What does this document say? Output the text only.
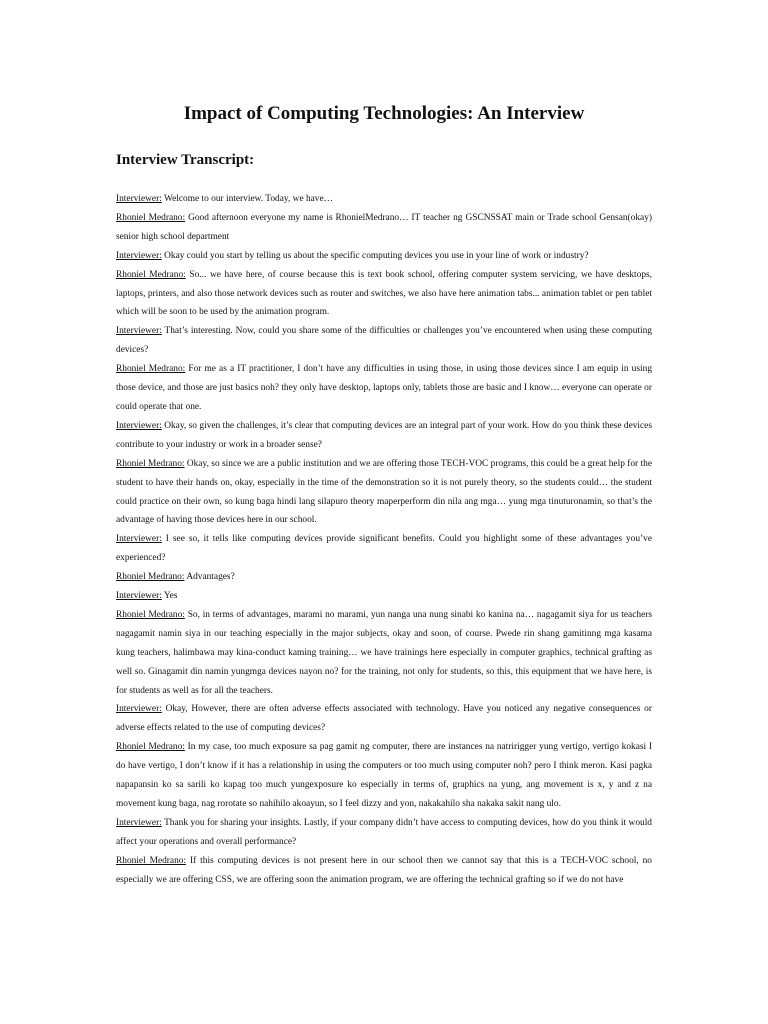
Impact of Computing Technologies: An Interview
Interview Transcript:

Interviewer: Welcome to our interview. Today, we have…

Rhoniel Medrano: Good afternoon everyone my name is RhonielMedrano… IT teacher ng GSCNSSAT main or Trade school Gensan(okay) senior high school department

Interviewer: Okay could you start by telling us about the specific computing devices you use in your line of work or industry?

Rhoniel Medrano: So... we have here, of course because this is text book school, offering computer system servicing, we have desktops, laptops, printers, and also those network devices such as router and switches, we also have here animation tabs... animation tablet or pen tablet which will be soon to be used by the animation program.

Interviewer: That’s interesting. Now, could you share some of the difficulties or challenges you’ve encountered when using these computing devices?

Rhoniel Medrano: For me as a IT practitioner, I don’t have any difficulties in using those, in using those devices since I am equip in using those device, and those are just basics noh? they only have desktop, laptops only, tablets those are basic and I know… everyone can operate or could operate that one.

Interviewer: Okay, so given the challenges, it’s clear that computing devices are an integral part of your work. How do you think these devices contribute to your industry or work in a broader sense?

Rhoniel Medrano: Okay, so since we are a public institution and we are offering those TECH-VOC programs, this could be a great help for the student to have their hands on, okay, especially in the time of the demonstration so it is not purely theory, so the students could… the student could practice on their own, so kung baga hindi lang silapuro theory maperperform din nila ang mga… yung mga tinuturonamin, so that’s the advantage of having those devices here in our school.

Interviewer: I see so, it tells like computing devices provide significant benefits. Could you highlight some of these advantages you’ve experienced?

Rhoniel Medrano: Advantages?

Interviewer: Yes

Rhoniel Medrano: So, in terms of advantages, marami no marami, yun nanga una nung sinabi ko kanina na… nagagamit siya for us teachers nagagamit namin siya in our teaching especially in the major subjects, okay and soon, of course. Pwede rin shang gamitinng mga kasama kung teachers, halimbawa may kina-conduct kaming training… we have trainings here especially in computer graphics, technical grafting as well so. Ginagamit din namin yungmga devices nayon no? for the training, not only for students, so this, this equipment that we have here, is for students as well as for all the teachers.

Interviewer: Okay, However, there are often adverse effects associated with technology. Have you noticed any negative consequences or adverse effects related to the use of computing devices?

Rhoniel Medrano: In my case, too much exposure sa pag gamit ng computer, there are instances na natririgger yung vertigo, vertigo kokasi I do have vertigo, I don’t know if it has a relationship in using the computers or too much using computer noh? pero I think meron. Kasi pagka napapansin ko sa sarili ko kapag too much yungexposure ko especially in terms of, graphics na yung, ang movement is x, y and z na movement kung baga, nag rorotate so nahihilo akoayun, so I feel dizzy and yon, nakakahilo sha nakaka sakit nang ulo.

Interviewer: Thank you for sharing your insights. Lastly, if your company didn’t have access to computing devices, how do you think it would affect your operations and overall performance?

Rhoniel Medrano: If this computing devices is not present here in our school then we cannot say that this is a TECH-VOC school, no especially we are offering CSS, we are offering soon the animation program, we are offering the technical grafting so if we do not have
